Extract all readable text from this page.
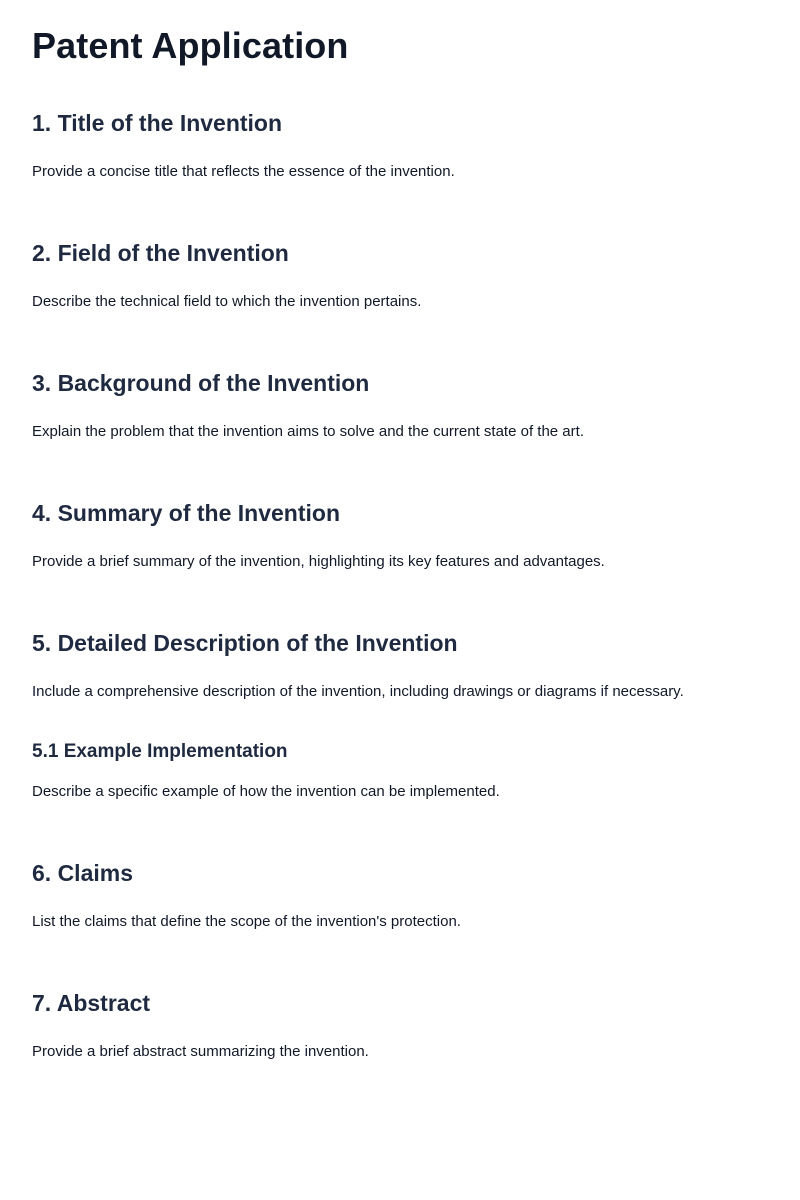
Patent Application
1. Title of the Invention

Provide a concise title that reflects the essence of the invention.

2. Field of the Invention

Describe the technical field to which the invention pertains.

3. Background of the Invention

Explain the problem that the invention aims to solve and the current state of the art.

4. Summary of the Invention

Provide a brief summary of the invention, highlighting its key features and advantages.

5. Detailed Description of the Invention

Include a comprehensive description of the invention, including drawings or diagrams if necessary.

5.1 Example Implementation

Describe a specific example of how the invention can be implemented.

6. Claims

List the claims that define the scope of the invention's protection.

7. Abstract

Provide a brief abstract summarizing the invention.
